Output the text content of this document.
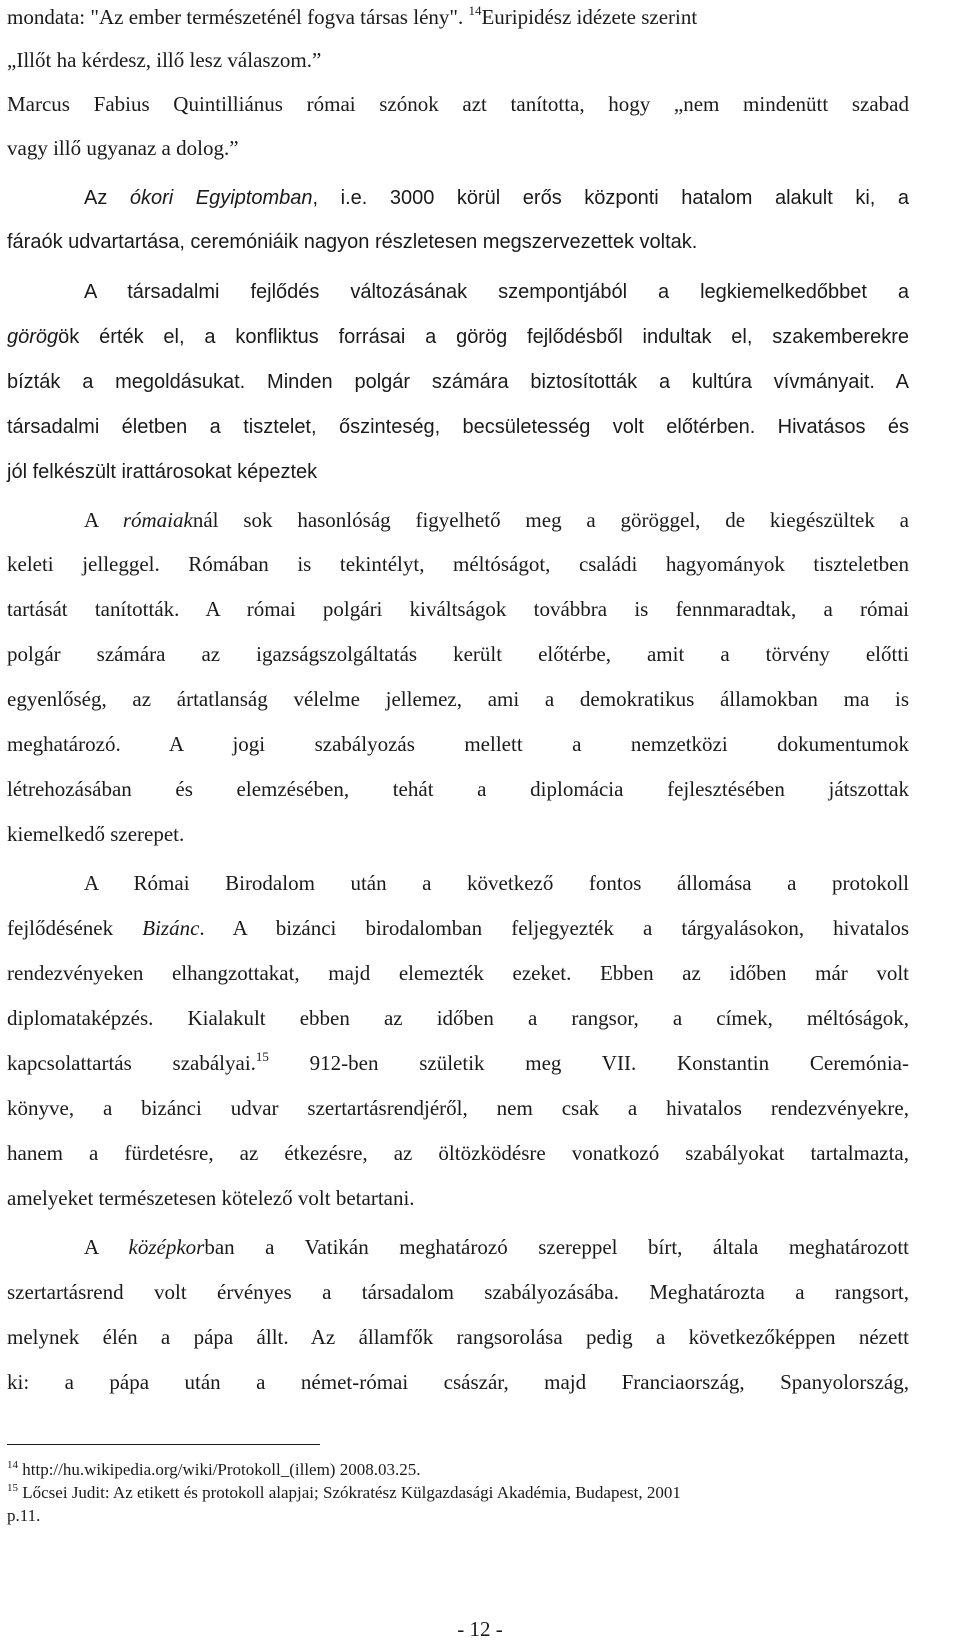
mondata: "Az ember természeténél fogva társas lény". $^{14}$Euripidész idézete szerint

„Illőt ha kérdesz, illő lesz válaszom.”

Marcus Fabius Quintilliánus római szónok azt tanította, hogy „nem mindenütt szabad

vagy illő ugyanaz a dolog.”

Az ókori Egyiptomban, i.e. 3000 körül erős központi hatalom alakult ki, a

fáraók udvartartása, ceremóniáik nagyon részletesen megszervezettek voltak.

A társadalmi fejlődés változásának szempontjából a legkiemelkedőbbet a

görögök érték el, a konfliktus forrásai a görög fejlődésből indultak el, szakemberekre

bízták a megoldásukat. Minden polgár számára biztosították a kultúra vívmányait. A

társadalmi életben a tisztelet, őszinteség, becsületesség volt előtérben. Hivatásos és

jól felkészült irattárosokat képeztek

A rómaiaknál sok hasonlóság figyelhető meg a göröggel, de kiegészültek a

keleti jelleggel. Rómában is tekintélyt, méltóságot, családi hagyományok tiszteletben

tartását tanították. A római polgári kiváltságok továbbra is fennmaradtak, a római

polgár számára az igazságszolgáltatás került előtérbe, amit a törvény előtti

egyenlőség, az ártatlanság vélelme jellemez, ami a demokratikus államokban ma is

meghatározó. A jogi szabályozás mellett a nemzetközi dokumentumok

létrehozásában és elemzésében, tehát a diplomácia fejlesztésében játszottak

kiemelkedő szerepet.

A Római Birodalom után a következő fontos állomása a protokoll

fejlődésének Bizánc. A bizánci birodalomban feljegyezték a tárgyalásokon, hivatalos

rendezvényeken elhangzottakat, majd elemezték ezeket. Ebben az időben már volt

diplomataképzés. Kialakult ebben az időben a rangsor, a címek, méltóságok,

kapcsolattartás szabályai.$^{15}$ 912-ben születik meg VII. Konstantin Ceremónia-

könyve, a bizánci udvar szertartásrendjéről, nem csak a hivatalos rendezvényekre,

hanem a fürdetésre, az étkezésre, az öltözködésre vonatkozó szabályokat tartalmazta,

amelyeket természetesen kötelező volt betartani.

A középkorban a Vatikán meghatározó szereppel bírt, általa meghatározott

szertartásrend volt érvényes a társadalom szabályozásába. Meghatározta a rangsort,

melynek élén a pápa állt. Az államfők rangsorolása pedig a következőképpen nézett

ki: a pápa után a német-római császár, majd Franciaország, Spanyolország,

$^{14}$ http://hu.wikipedia.org/wiki/Protokoll_(illem) 2008.03.25.

$^{15}$ Lőcsei Judit: Az etikett és protokoll alapjai; Szókratész Külgazdasági Akadémia, Budapest, 2001

p.11.

- 12 -
